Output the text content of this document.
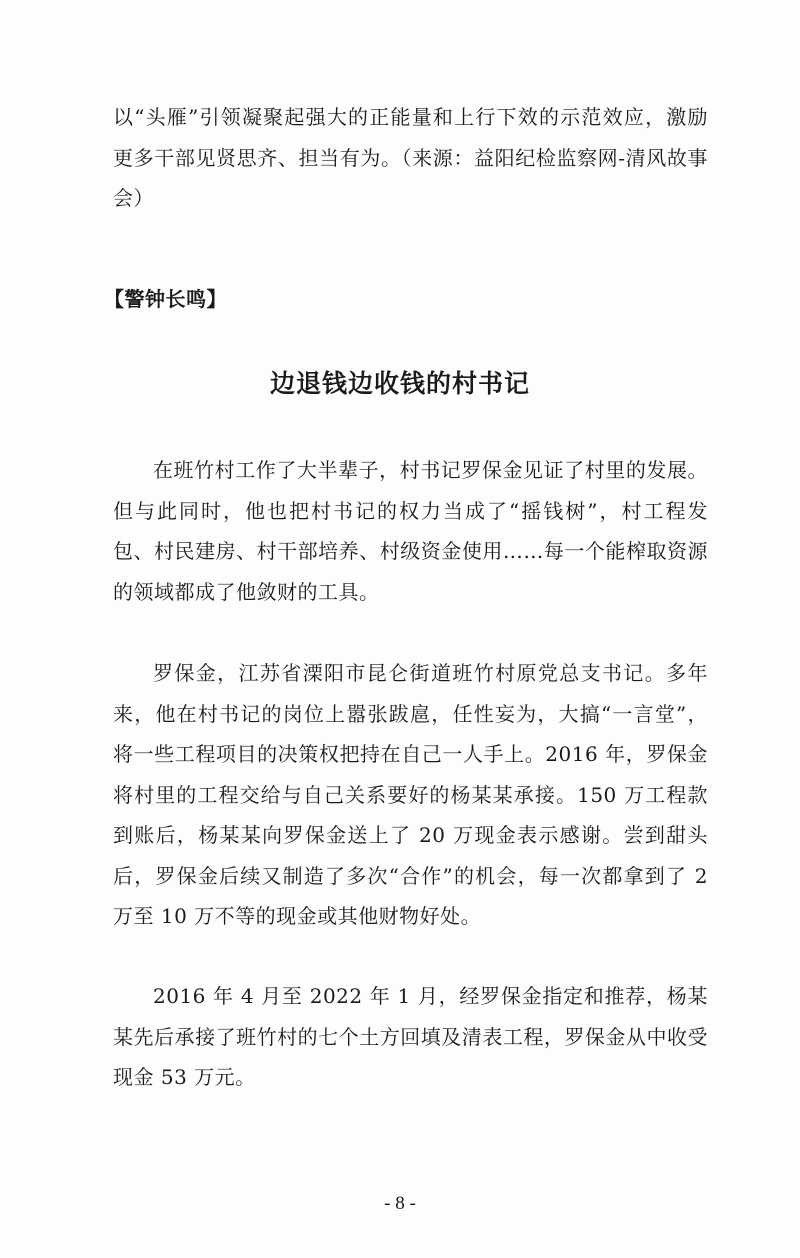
以“头雁”引领凝聚起强大的正能量和上行下效的示范效应，激励更多干部见贤思齐、担当有为。（来源：益阳纪检监察网-清风故事会）

【警钟长鸣】

边退钱边收钱的村书记

在班竹村工作了大半辈子，村书记罗保金见证了村里的发展。但与此同时，他也把村书记的权力当成了“摇钱树”，村工程发包、村民建房、村干部培养、村级资金使用……每一个能榨取资源的领域都成了他敛财的工具。

罗保金，江苏省溧阳市昆仑街道班竹村原党总支书记。多年来，他在村书记的岗位上嚣张跋扈，任性妄为，大搞“一言堂”，将一些工程项目的决策权把持在自己一人手上。2016 年，罗保金将村里的工程交给与自己关系要好的杨某某承接。150 万工程款到账后，杨某某向罗保金送上了 20 万现金表示感谢。尝到甜头后，罗保金后续又制造了多次“合作”的机会，每一次都拿到了 2 万至 10 万不等的现金或其他财物好处。

2016 年 4 月至 2022 年 1 月，经罗保金指定和推荐，杨某某先后承接了班竹村的七个土方回填及清表工程，罗保金从中收受现金 53 万元。

- 8 -
